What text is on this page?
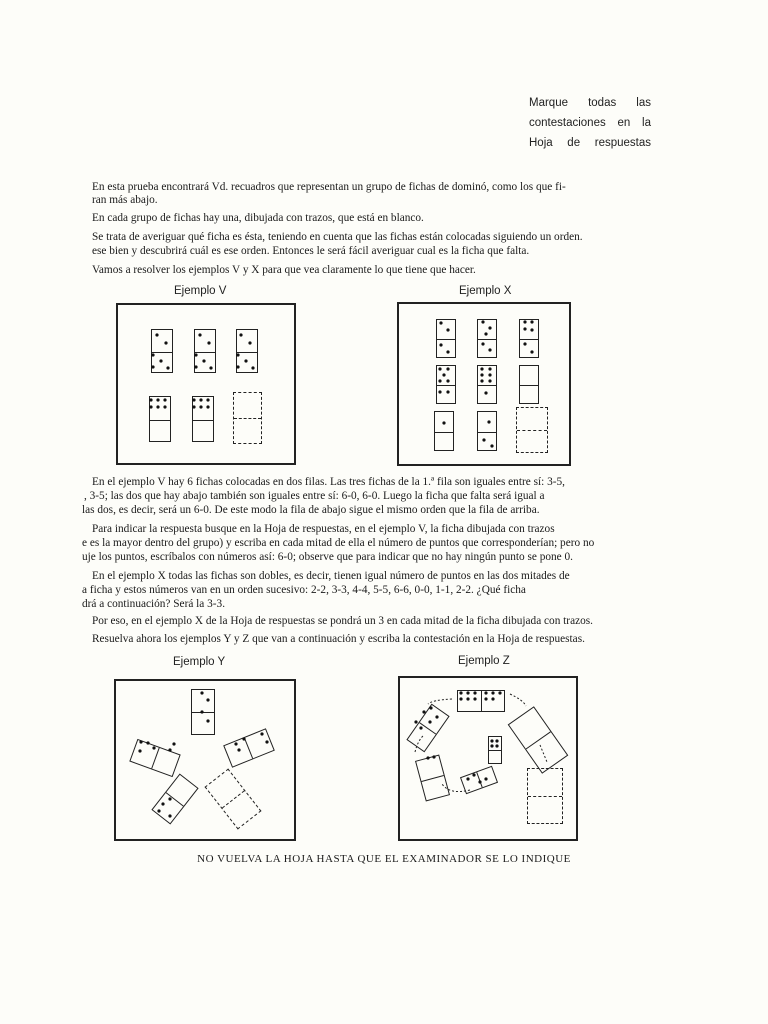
Marque todas las
contestaciones en la
Hoja de respuestas
En esta prueba encontrará Vd. recuadros que representan un grupo de fichas de dominó, como los que fi-
ran más abajo.
En cada grupo de fichas hay una, dibujada con trazos, que está en blanco.
Se trata de averiguar qué ficha es ésta, teniendo en cuenta que las fichas están colocadas siguiendo un orden.
ese bien y descubrirá cuál es ese orden. Entonces le será fácil averiguar cual es la ficha que falta.
Vamos a resolver los ejemplos V y X para que vea claramente lo que tiene que hacer.
En el ejemplo V hay 6 fichas colocadas en dos filas. Las tres fichas de la 1.ª fila son iguales entre sí: 3-5,
, 3-5; las dos que hay abajo también son iguales entre sí: 6-0, 6-0. Luego la ficha que falta será igual a
las dos, es decir, será un 6-0. De este modo la fila de abajo sigue el mismo orden que la fila de arriba.
Para indicar la respuesta busque en la Hoja de respuestas, en el ejemplo V, la ficha dibujada con trazos
e es la mayor dentro del grupo) y escriba en cada mitad de ella el número de puntos que corresponderían; pero no
uje los puntos, escríbalos con números así: 6-0; observe que para indicar que no hay ningún punto se pone 0.
En el ejemplo X todas las fichas son dobles, es decir, tienen igual número de puntos en las dos mitades de
a ficha y estos números van en un orden sucesivo: 2-2, 3-3, 4-4, 5-5, 6-6, 0-0, 1-1, 2-2. ¿Qué ficha
drá a continuación? Será la 3-3.
Por eso, en el ejemplo X de la Hoja de respuestas se pondrá un 3 en cada mitad de la ficha dibujada con trazos.
Resuelva ahora los ejemplos Y y Z que van a continuación y escriba la contestación en la Hoja de respuestas.
Ejemplo V	Ejemplo X
Ejemplo Y	Ejemplo Z
NO VUELVA LA HOJA HASTA QUE EL EXAMINADOR SE LO INDIQUE
